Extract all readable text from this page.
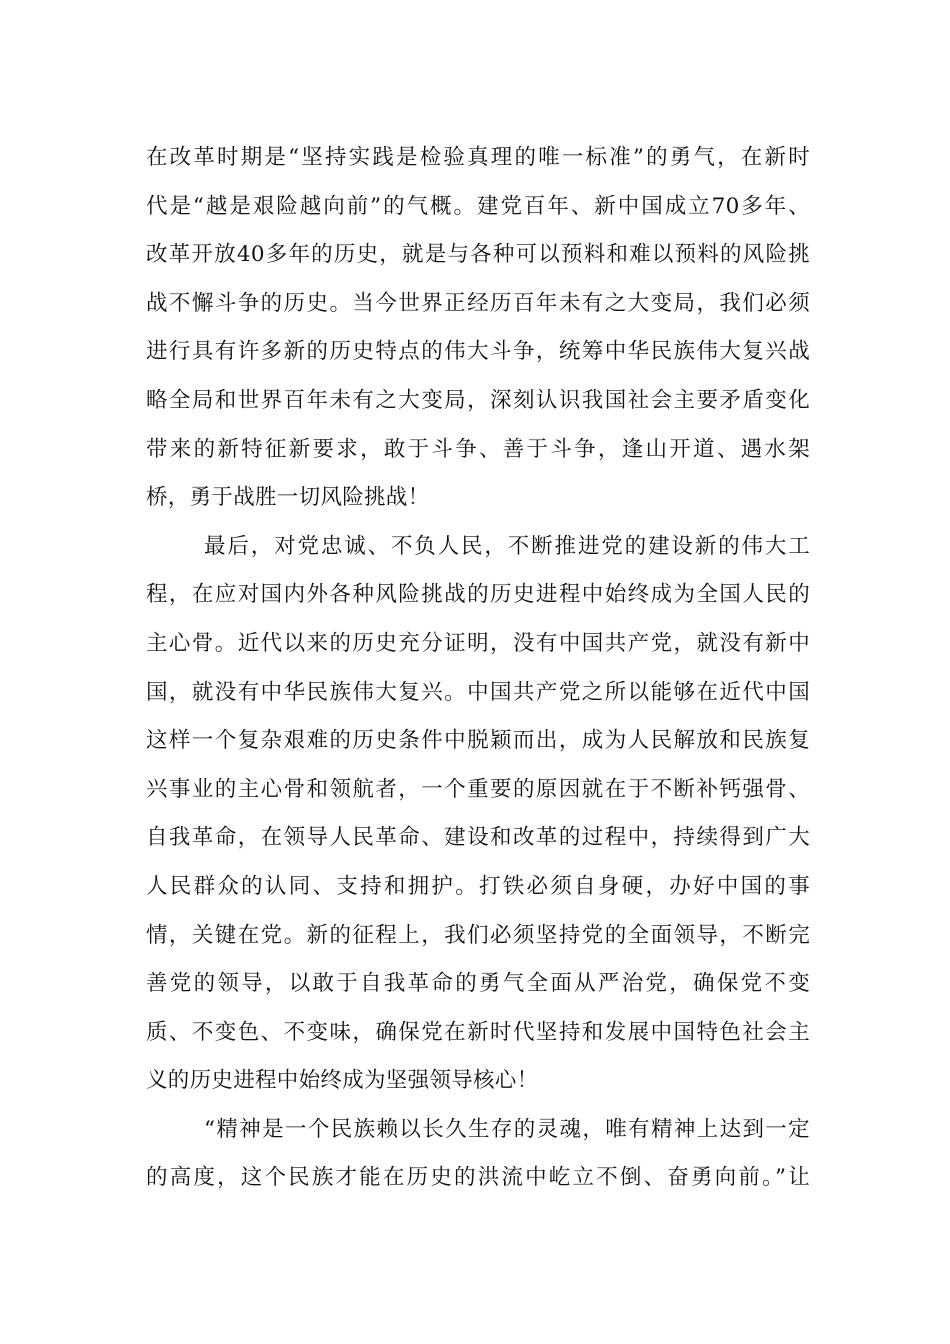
在改革时期是“坚持实践是检验真理的唯一标准”的勇气，在新时
代是“越是艰险越向前”的气概。建党百年、新中国成立70多年、
改革开放40多年的历史，就是与各种可以预料和难以预料的风险挑
战不懈斗争的历史。当今世界正经历百年未有之大变局，我们必须
进行具有许多新的历史特点的伟大斗争，统筹中华民族伟大复兴战
略全局和世界百年未有之大变局，深刻认识我国社会主要矛盾变化
带来的新特征新要求，敢于斗争、善于斗争，逢山开道、遇水架
桥，勇于战胜一切风险挑战！
最后，对党忠诚、不负人民，不断推进党的建设新的伟大工
程，在应对国内外各种风险挑战的历史进程中始终成为全国人民的
主心骨。近代以来的历史充分证明，没有中国共产党，就没有新中
国，就没有中华民族伟大复兴。中国共产党之所以能够在近代中国
这样一个复杂艰难的历史条件中脱颖而出，成为人民解放和民族复
兴事业的主心骨和领航者，一个重要的原因就在于不断补钙强骨、
自我革命，在领导人民革命、建设和改革的过程中，持续得到广大
人民群众的认同、支持和拥护。打铁必须自身硬，办好中国的事
情，关键在党。新的征程上，我们必须坚持党的全面领导，不断完
善党的领导，以敢于自我革命的勇气全面从严治党，确保党不变
质、不变色、不变味，确保党在新时代坚持和发展中国特色社会主
义的历史进程中始终成为坚强领导核心！
“精神是一个民族赖以长久生存的灵魂，唯有精神上达到一定
的高度，这个民族才能在历史的洪流中屹立不倒、奋勇向前。”让
